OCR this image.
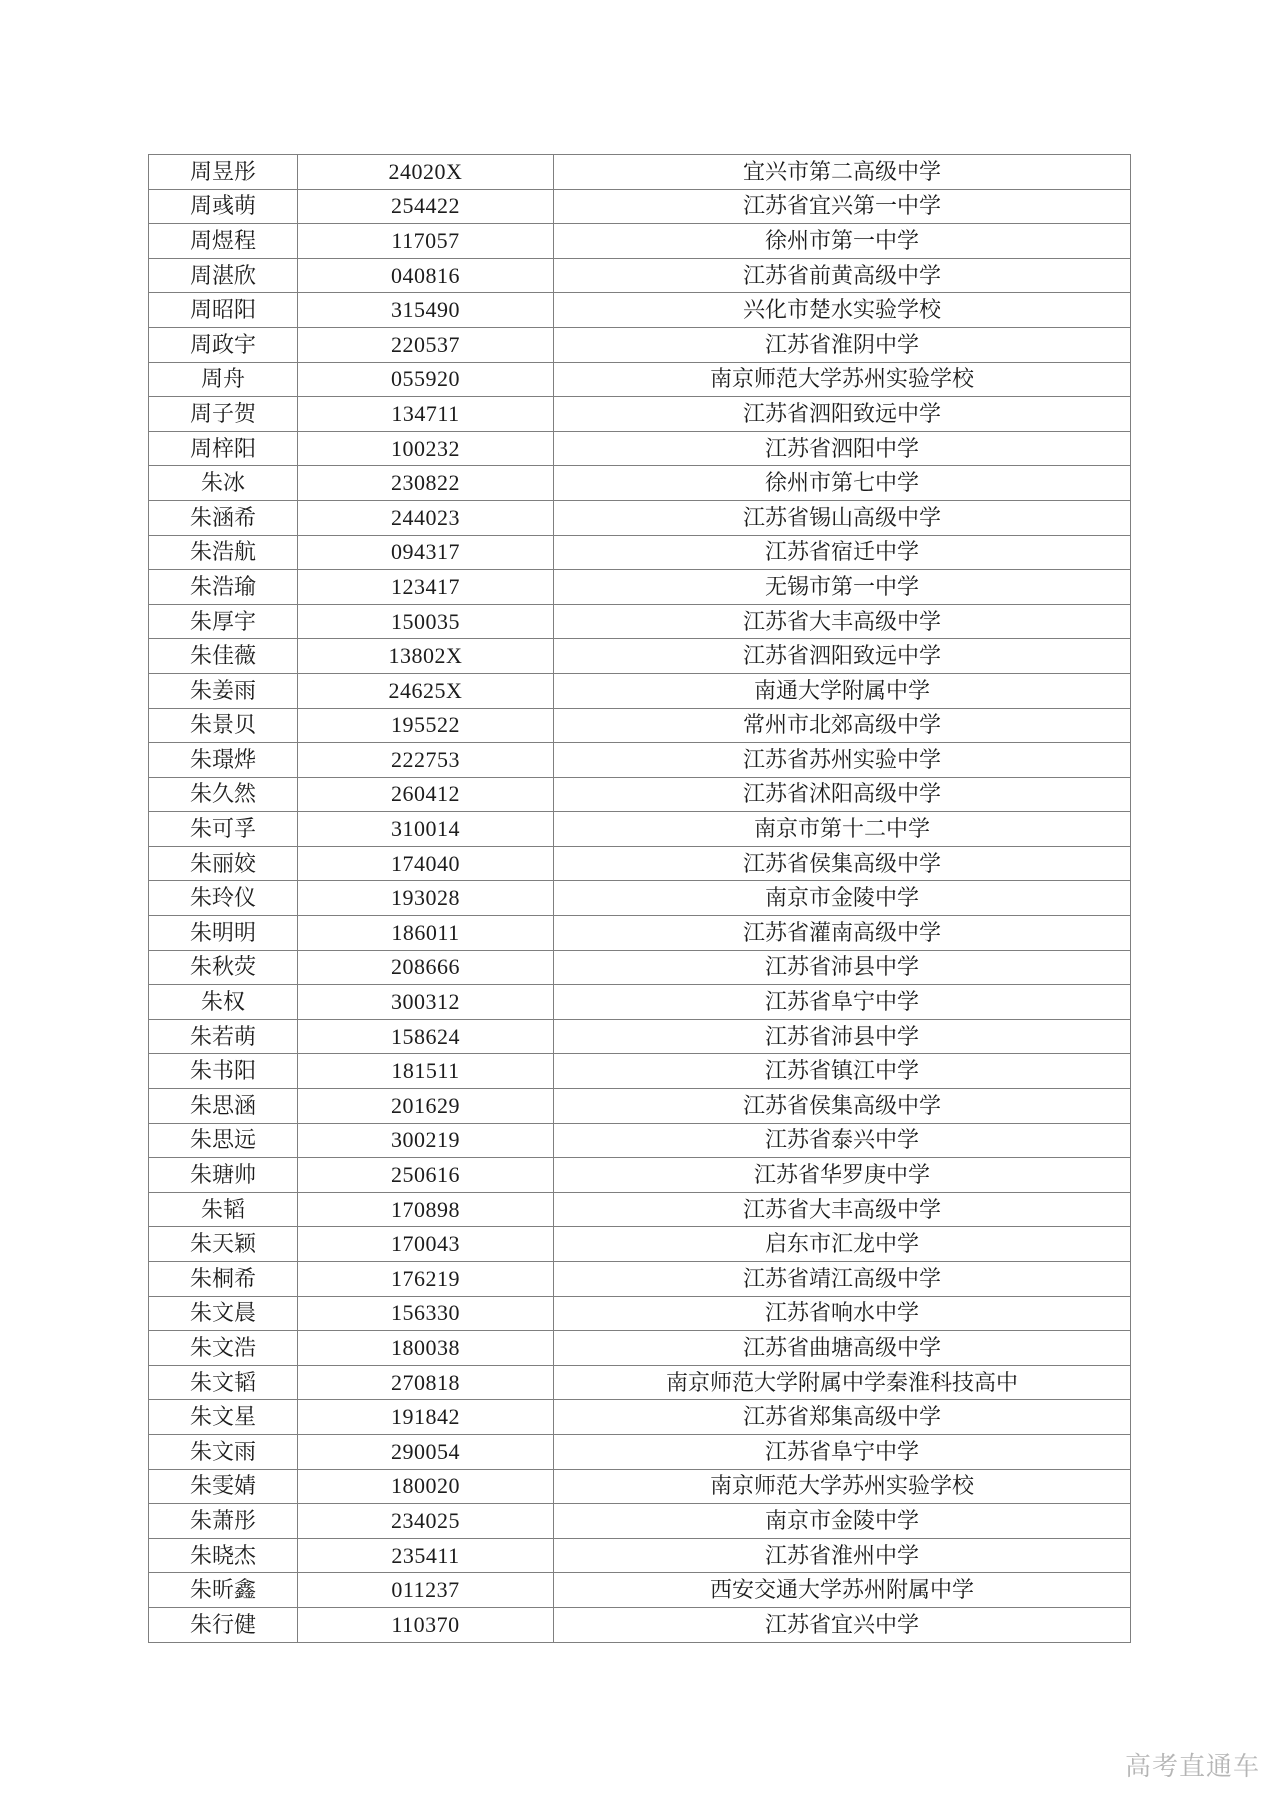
周昱彤	24020X	宜兴市第二高级中学
周彧萌	254422	江苏省宜兴第一中学
周煜程	117057	徐州市第一中学
周湛欣	040816	江苏省前黄高级中学
周昭阳	315490	兴化市楚水实验学校
周政宇	220537	江苏省淮阴中学
周舟	055920	南京师范大学苏州实验学校
周子贺	134711	江苏省泗阳致远中学
周梓阳	100232	江苏省泗阳中学
朱冰	230822	徐州市第七中学
朱涵希	244023	江苏省锡山高级中学
朱浩航	094317	江苏省宿迁中学
朱浩瑜	123417	无锡市第一中学
朱厚宇	150035	江苏省大丰高级中学
朱佳薇	13802X	江苏省泗阳致远中学
朱姜雨	24625X	南通大学附属中学
朱景贝	195522	常州市北郊高级中学
朱璟烨	222753	江苏省苏州实验中学
朱久然	260412	江苏省沭阳高级中学
朱可孚	310014	南京市第十二中学
朱丽姣	174040	江苏省侯集高级中学
朱玲仪	193028	南京市金陵中学
朱明明	186011	江苏省灌南高级中学
朱秋荧	208666	江苏省沛县中学
朱权	300312	江苏省阜宁中学
朱若萌	158624	江苏省沛县中学
朱书阳	181511	江苏省镇江中学
朱思涵	201629	江苏省侯集高级中学
朱思远	300219	江苏省泰兴中学
朱瑭帅	250616	江苏省华罗庚中学
朱韬	170898	江苏省大丰高级中学
朱天颖	170043	启东市汇龙中学
朱桐希	176219	江苏省靖江高级中学
朱文晨	156330	江苏省响水中学
朱文浩	180038	江苏省曲塘高级中学
朱文韬	270818	南京师范大学附属中学秦淮科技高中
朱文星	191842	江苏省郑集高级中学
朱文雨	290054	江苏省阜宁中学
朱雯婧	180020	南京师范大学苏州实验学校
朱萧彤	234025	南京市金陵中学
朱晓杰	235411	江苏省淮州中学
朱昕鑫	011237	西安交通大学苏州附属中学
朱行健	110370	江苏省宜兴中学
高考直通车
